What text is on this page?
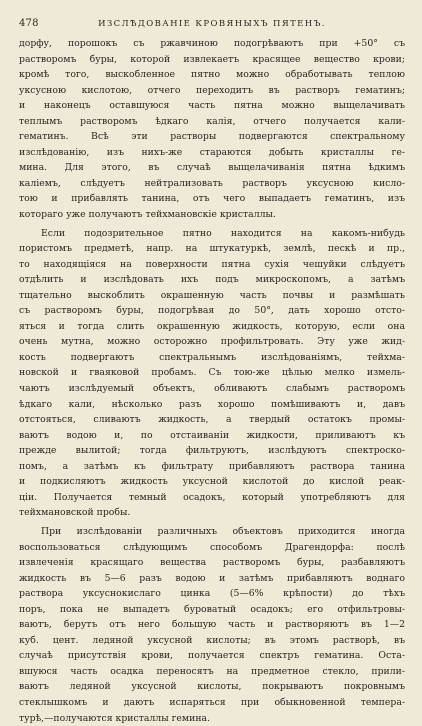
478	ИЗСЛѢДОВАНІЕ КРОВЯНЫХЪ ПЯТЕНЪ.
дорфу, порошокъ съ ржавчиною подогрѣваютъ при +50° съ
растворомъ буры, которой извлекаетъ красящее вещество крови;
кромѣ того, выскобленное пятно можно обработывать теплою
уксусною кислотою, отчего переходитъ въ растворъ гематинъ;
и наконецъ оставшуюся часть пятна можно выщелачивать
теплымъ растворомъ ѣдкаго калія, отчего получается кали-
гематинъ. Всѣ эти растворы подвергаются спектральному
изслѣдованію, изъ нихъ-же стараются добыть кристаллы ге-
мина. Для этого, въ случаѣ выщелачиванія пятна ѣдкимъ
каліемъ, слѣдуетъ нейтрализовать растворъ уксусною кисло-
тою и прибавлять танина, отъ чего выпадаетъ гематинъ, изъ
котораго уже получаютъ тейхмановскіе кристаллы.
Если подозрительное пятно находится на какомъ-нибудь
пористомъ предметѣ, напр. на штукатуркѣ, землѣ, пескѣ и пр.,
то находящіяся на поверхности пятна сухія чешуйки слѣдуетъ
отдѣлить и изслѣдовать ихъ подъ микроскопомъ, а затѣмъ
тщательно выскоблить окрашенную часть почвы и размѣшать
съ растворомъ буры, подогрѣвая до 50°, дать хорошо отсто-
яться и тогда слить окрашенную жидкость, которую, если она
очень мутна, можно осторожно профильтровать. Эту уже жид-
кость подвергаютъ спектральнымъ изслѣдованіямъ, тейхма-
новской и гваяковой пробамъ. Съ тою-же цѣлью мелко измель-
чаютъ изслѣдуемый объектъ, обливаютъ слабымъ растворомъ
ѣдкаго кали, нѣсколько разъ хорошо помѣшиваютъ и, давъ
отстояться, сливаютъ жидкость, а твердый остатокъ промы-
ваютъ водою и, по отстаиваніи жидкости, приливаютъ къ
прежде вылитой; тогда фильтруютъ, изслѣдуютъ спектроско-
помъ, а затѣмъ къ фильтрату прибавляютъ раствора танина
и подкисляютъ жидкость уксусной кислотой до кислой реак-
ціи. Получается темный осадокъ, который употребляютъ для
тейхмановской пробы.
При изслѣдованіи различныхъ объектовъ приходится иногда
воспользоваться слѣдующимъ способомъ Драгендорфа: послѣ
извлеченія красящаго вещества растворомъ буры, разбавляютъ
жидкость въ 5—6 разъ водою и затѣмъ прибавляютъ воднаго
раствора уксуснокислаго цинка (5—6% крѣпости) до тѣхъ
поръ, пока не выпадетъ буроватый осадокъ; его отфильтровы-
ваютъ, берутъ отъ него большую часть и растворяютъ въ 1—2
куб. цент. ледяной уксусной кислоты; въ этомъ растворѣ, въ
случаѣ присутствія крови, получается спектръ гематина. Оста-
вшуюся часть осадка переносятъ на предметное стекло, прили-
ваютъ ледяной уксусной кислоты, покрываютъ покровнымъ
стеклышкомъ и даютъ испаряться при обыкновенной темпера-
турѣ,—получаются кристаллы гемина.
